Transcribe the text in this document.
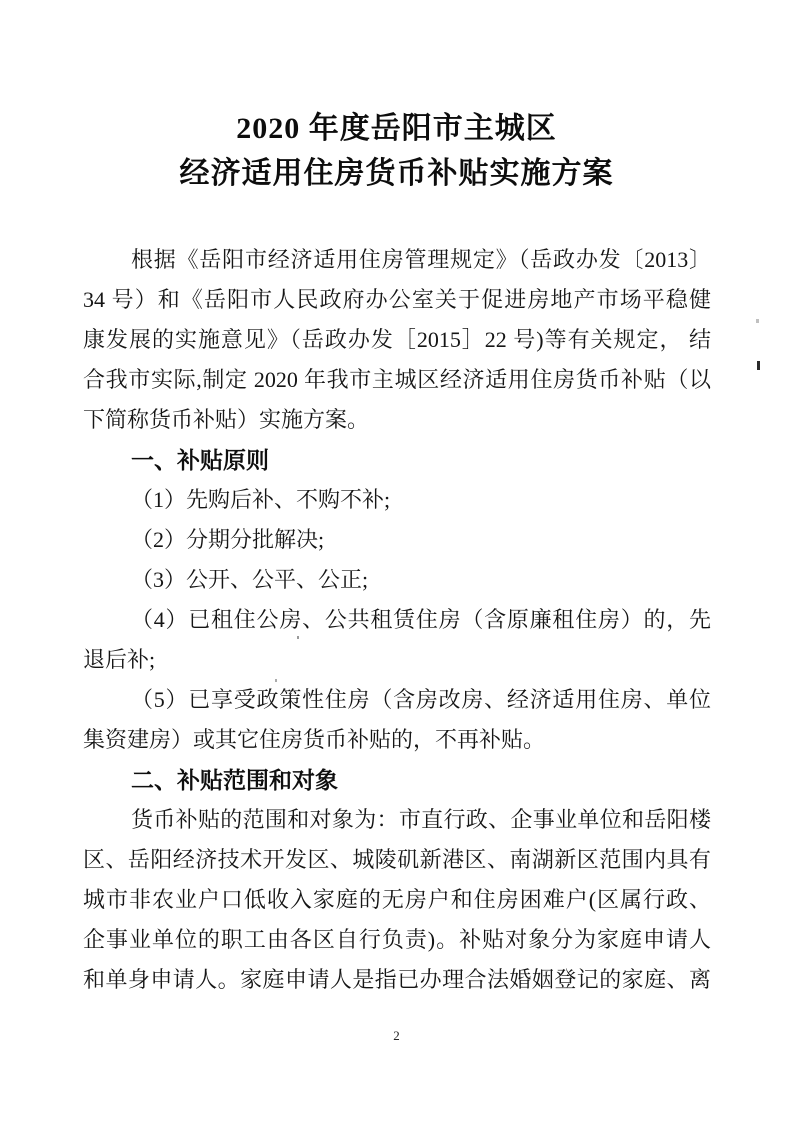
2020 年度岳阳市主城区
经济适用住房货币补贴实施方案
根据《岳阳市经济适用住房管理规定》（岳政办发〔2013〕
34 号）和《岳阳市人民政府办公室关于促进房地产市场平稳健
康发展的实施意见》（岳政办发［2015］22 号)等有关规定， 结
合我市实际,制定 2020 年我市主城区经济适用住房货币补贴（以
下简称货币补贴）实施方案。
一、补贴原则
（1）先购后补、不购不补;
（2）分期分批解决;
（3）公开、公平、公正;
（4）已租住公房、公共租赁住房（含原廉租住房）的，先
退后补;
（5）已享受政策性住房（含房改房、经济适用住房、单位
集资建房）或其它住房货币补贴的，不再补贴。
二、补贴范围和对象
货币补贴的范围和对象为：市直行政、企事业单位和岳阳楼
区、岳阳经济技术开发区、城陵矶新港区、南湖新区范围内具有
城市非农业户口低收入家庭的无房户和住房困难户(区属行政、
企事业单位的职工由各区自行负责)。补贴对象分为家庭申请人
和单身申请人。家庭申请人是指已办理合法婚姻登记的家庭、离
2
